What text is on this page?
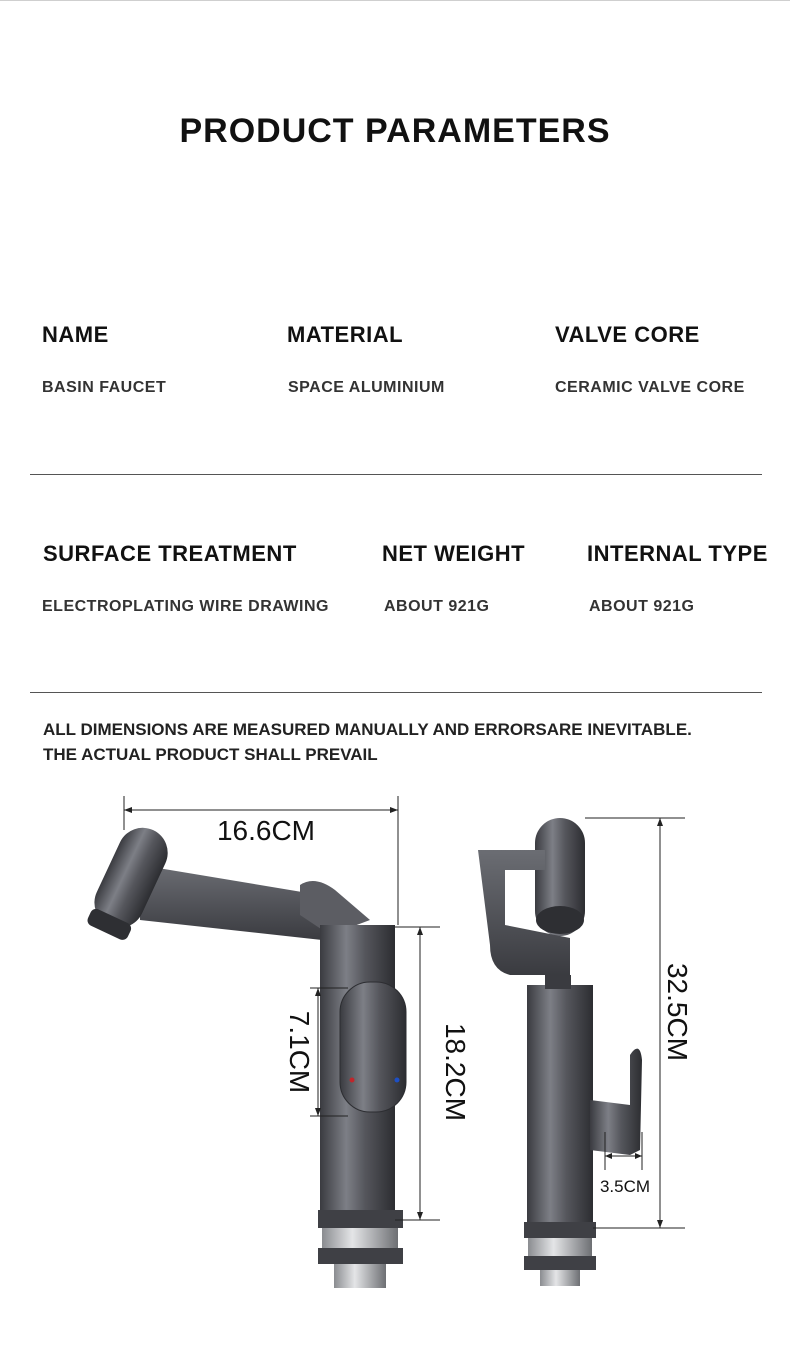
PRODUCT PARAMETERS
NAME
BASIN FAUCET
MATERIAL
SPACE ALUMINIUM
VALVE CORE
CERAMIC VALVE CORE
SURFACE TREATMENT
ELECTROPLATING WIRE DRAWING
NET WEIGHT
ABOUT 921G
INTERNAL TYPE
ABOUT 921G
ALL DIMENSIONS ARE MEASURED MANUALLY AND ERRORSARE INEVITABLE.
THE ACTUAL PRODUCT SHALL PREVAIL
16.6CM
18.2CM
7.1CM	32.5CM
3.5CM
